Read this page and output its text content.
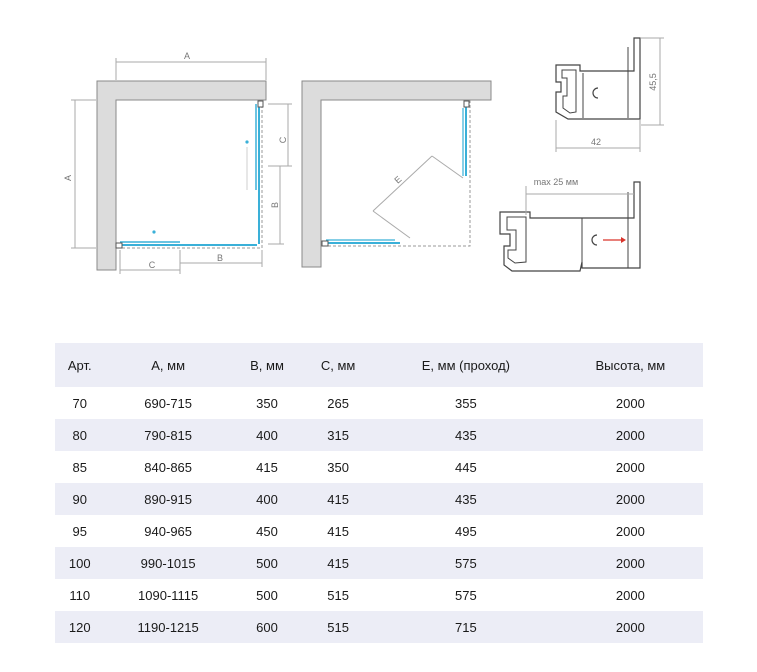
A
A
C
B
C
B
E
45,5
42
max 25 мм
Арт.	A, мм	B, мм	C, мм	E, мм (проход)	Высота, мм
70	690-715	350	265	355	2000
80	790-815	400	315	435	2000
85	840-865	415	350	445	2000
90	890-915	400	415	435	2000
95	940-965	450	415	495	2000
100	990-1015	500	415	575	2000
110	1090-1115	500	515	575	2000
120	1190-1215	600	515	715	2000
